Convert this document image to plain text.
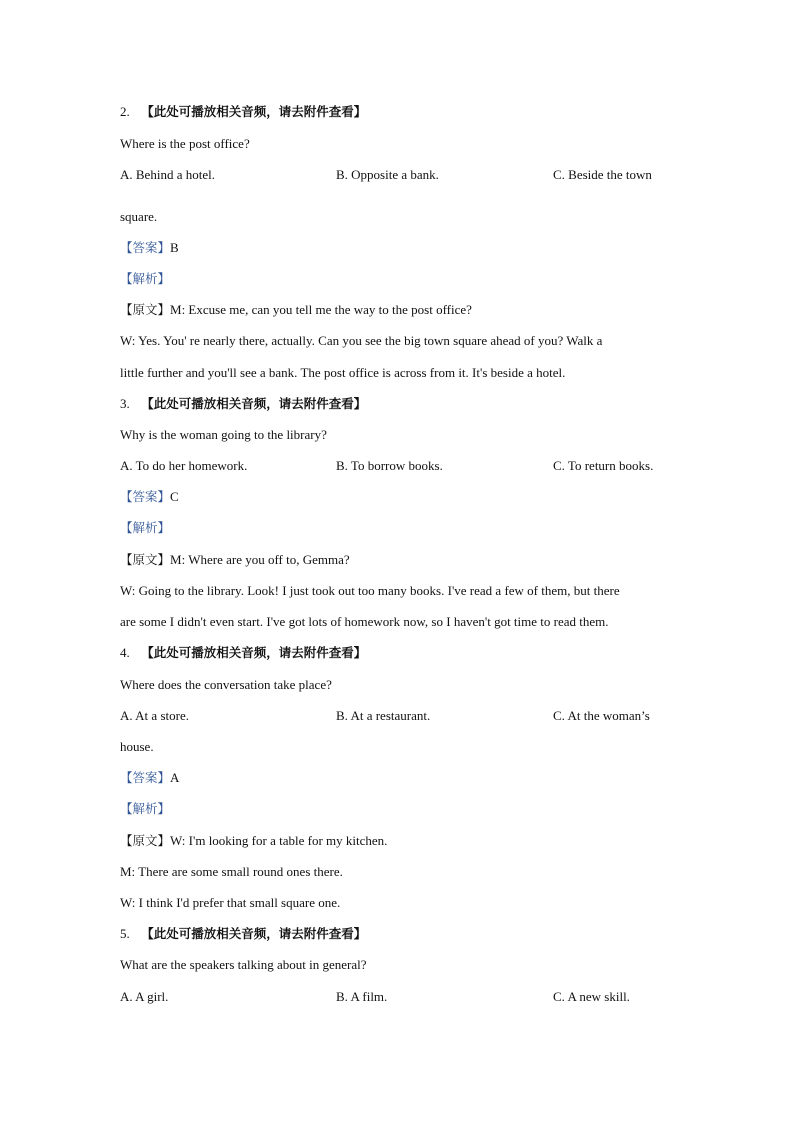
2. 【此处可播放相关音频，请去附件查看】
Where is the post office?
A. Behind a hotel.	B. Opposite a bank.	C. Beside the town
square.
【答案】B
【解析】
【原文】M: Excuse me, can you tell me the way to the post office?
W: Yes. You' re nearly there, actually. Can you see the big town square ahead of you? Walk a
little further and you'll see a bank. The post office is across from it. It's beside a hotel.
3. 【此处可播放相关音频，请去附件查看】
Why is the woman going to the library?
A. To do her homework.	B. To borrow books.	C. To return books.
【答案】C
【解析】
【原文】M: Where are you off to, Gemma?
W: Going to the library. Look! I just took out too many books. I've read a few of them, but there
are some I didn't even start. I've got lots of homework now, so I haven't got time to read them.
4. 【此处可播放相关音频，请去附件查看】
Where does the conversation take place?
A. At a store.	B. At a restaurant.	C. At the woman’s
house.
【答案】A
【解析】
【原文】W: I'm looking for a table for my kitchen.
M: There are some small round ones there.
W: I think I'd prefer that small square one.
5. 【此处可播放相关音频，请去附件查看】
What are the speakers talking about in general?
A. A girl.	B. A film.	C. A new skill.
